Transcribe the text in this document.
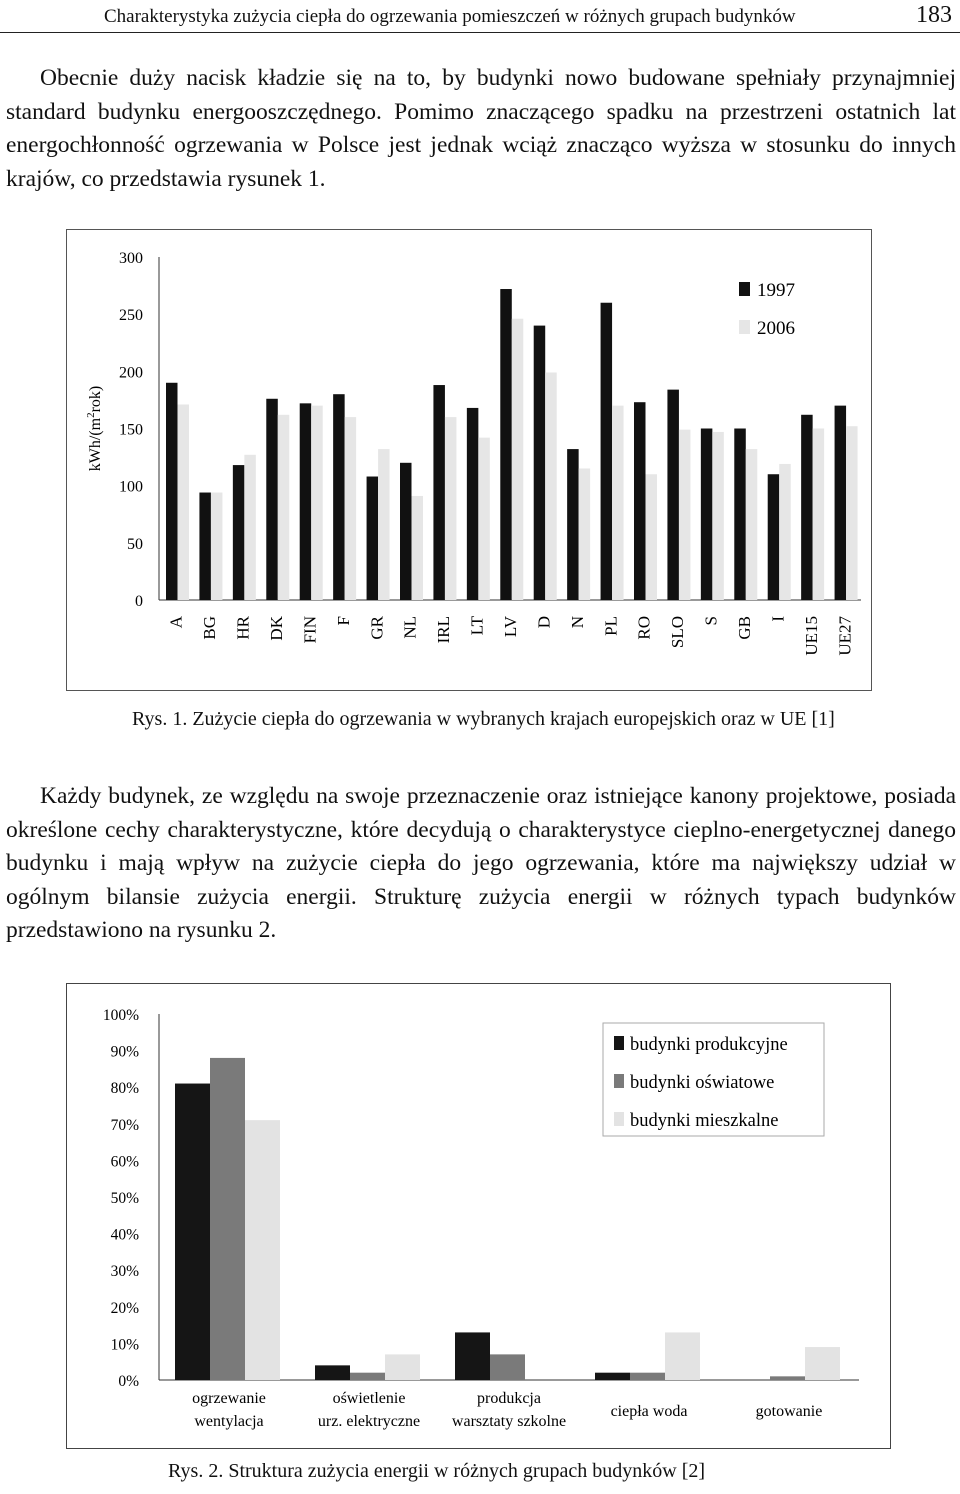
Charakterystyka zużycia ciepła do ogrzewania pomieszczeń w różnych grupach budynków	183

Obecnie duży nacisk kładzie się na to, by budynki nowo budowane spełniały przynajmniej standard budynku energooszczędnego. Pomimo znaczącego spadku na przestrzeni ostatnich lat energochłonność ogrzewania w Polsce jest jednak wciąż znacząco wyższa w stosunku do innych krajów, co przedstawia rysunek 1.

0
50
100
150
200
250
300
kWh/$(m^2rok)$
A BG HR DK FIN F GR NL IRL LT LV D N PL RO SLO S GB I UE15 UE27
1997
2006
Rys. 1. Zużycie ciepła do ogrzewania w wybranych krajach europejskich oraz w UE [1]

Każdy budynek, ze względu na swoje przeznaczenie oraz istniejące kanony projektowe, posiada określone cechy charakterystyczne, które decydują o charakterystyce cieplno-energetycznej danego budynku i mają wpływ na zużycie ciepła do jego ogrzewania, które ma największy udział w ogólnym bilansie zużycia energii. Strukturę zużycia energii w różnych typach budynków przedstawiono na rysunku 2.

0%
10%
20%
30%
40%
50%
60%
70%
80%
90%
100%
ogrzewanie
wentylacja
oświetlenie
urz. elektryczne
produkcja
warsztaty szkolne
ciepła woda	gotowanie
budynki produkcyjne
budynki oświatowe
budynki mieszkalne
Rys. 2. Struktura zużycia energii w różnych grupach budynków [2]
